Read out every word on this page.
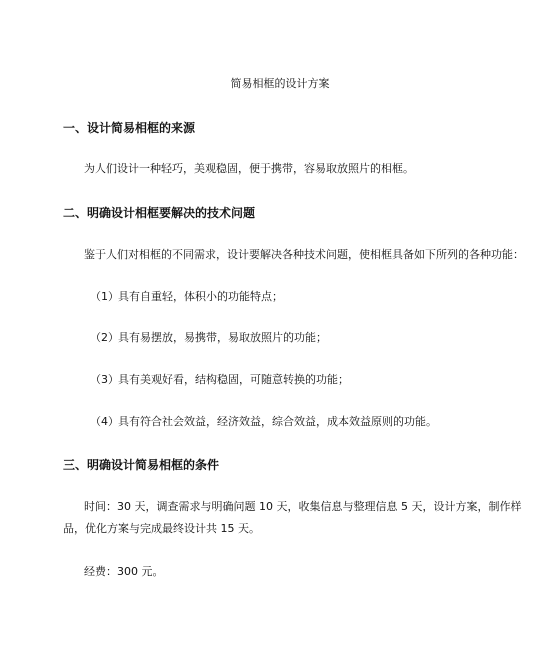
简易相框的设计方案
一、设计简易相框的来源
为人们设计一种轻巧，美观稳固，便于携带，容易取放照片的相框。
二、明确设计相框要解决的技术问题
鉴于人们对相框的不同需求，设计要解决各种技术问题，使相框具备如下所列的各种功能：
（1） 具有自重轻，体积小的功能特点；
（2） 具有易摆放，易携带，易取放照片的功能；
（3） 具有美观好看，结构稳固，可随意转换的功能；
（4） 具有符合社会效益，经济效益，综合效益，成本效益原则的功能。
三、明确设计简易相框的条件
时间：30 天，调查需求与明确问题 10 天，收集信息与整理信息 5 天，设计方案，制作样
品，优化方案与完成最终设计共 15 天。
经费：300 元。
